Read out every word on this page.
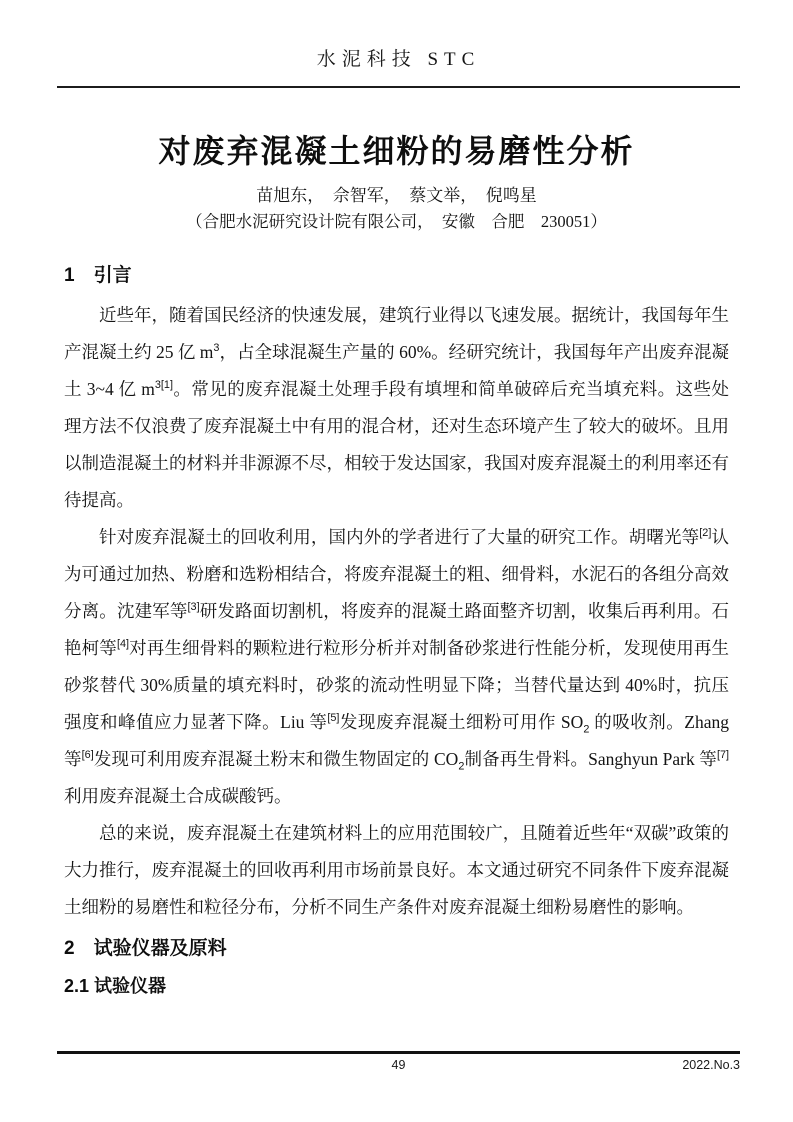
水泥科技 STC
对废弃混凝土细粉的易磨性分析
苗旭东，　佘智军，　蔡文举，　倪鸣星
（合肥水泥研究设计院有限公司，　安徽　合肥　230051）
1　引言

近些年，随着国民经济的快速发展，建筑行业得以飞速发展。据统计，我国每年生产混凝土约 25 亿 $m^3$，占全球混凝生产量的 60%。经研究统计，我国每年产出废弃混凝土 3~4 亿 $m^{3[1]}$。常见的废弃混凝土处理手段有填埋和简单破碎后充当填充料。这些处理方法不仅浪费了废弃混凝土中有用的混合材，还对生态环境产生了较大的破坏。且用以制造混凝土的材料并非源源不尽，相较于发达国家，我国对废弃混凝土的利用率还有待提高。

针对废弃混凝土的回收利用，国内外的学者进行了大量的研究工作。胡曙光等[2]认为可通过加热、粉磨和选粉相结合，将废弃混凝土的粗、细骨料，水泥石的各组分高效分离。沈建军等[3]研发路面切割机，将废弃的混凝土路面整齐切割，收集后再利用。石艳柯等[4]对再生细骨料的颗粒进行粒形分析并对制备砂浆进行性能分析，发现使用再生砂浆替代 30%质量的填充料时，砂浆的流动性明显下降；当替代量达到 40%时，抗压强度和峰值应力显著下降。Liu 等[5]发现废弃混凝土细粉可用作 $SO_2$ 的吸收剂。Zhang 等[6]发现可利用废弃混凝土粉末和微生物固定的 $CO_2$制备再生骨料。Sanghyun Park 等[7]利用废弃混凝土合成碳酸钙。

总的来说，废弃混凝土在建筑材料上的应用范围较广，且随着近些年“双碳”政策的大力推行，废弃混凝土的回收再利用市场前景良好。本文通过研究不同条件下废弃混凝土细粉的易磨性和粒径分布，分析不同生产条件对废弃混凝土细粉易磨性的影响。

2　试验仪器及原料
2.1 试验仪器
49	2022.No.3
